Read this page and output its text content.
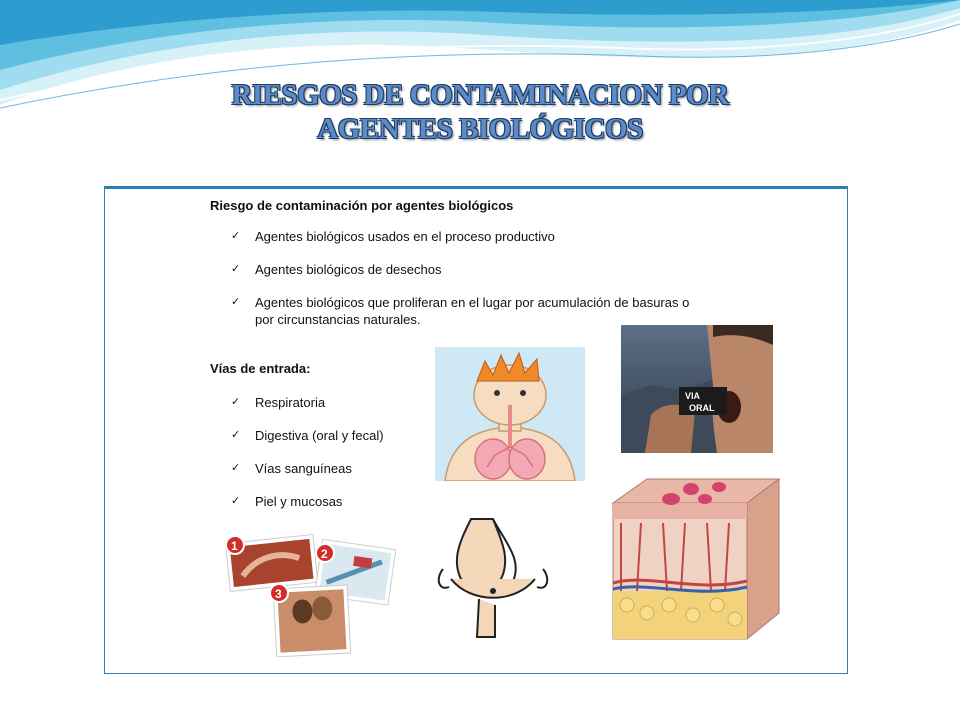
RIESGOS DE CONTAMINACION POR
AGENTES BIOLÓGICOS
Riesgo de contaminación por agentes biológicos
✓ Agentes biológicos usados en el proceso productivo
✓ Agentes biológicos de desechos
✓ Agentes biológicos que proliferan en el lugar por acumulación de basuras o
por circunstancias naturales.
Vías de entrada:
✓ Respiratoria
✓ Digestiva (oral y fecal)
✓ Vías sanguíneas
✓ Piel y mucosas
VIA
ORAL
1
2
3
